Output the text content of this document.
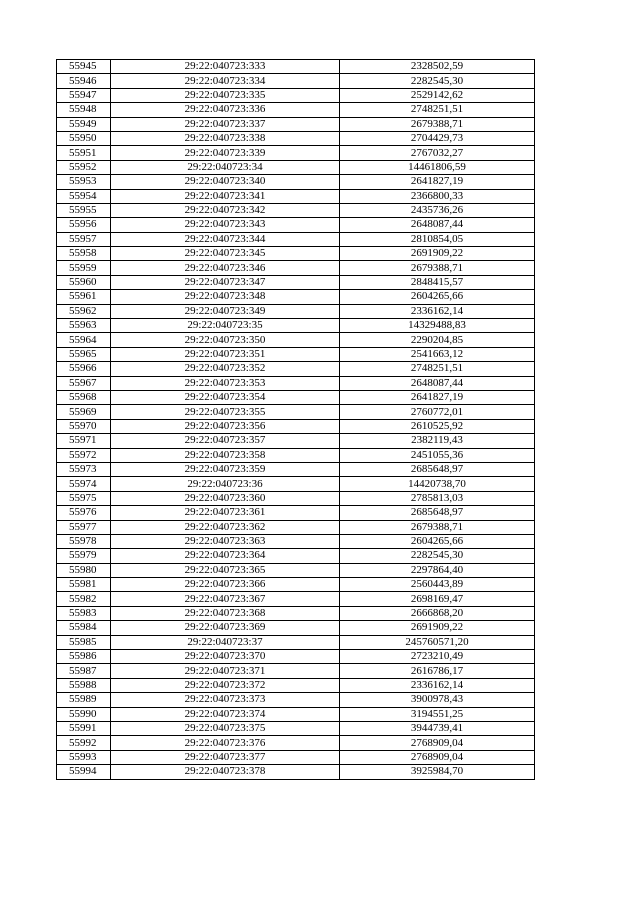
55945	29:22:040723:333	2328502,59
55946	29:22:040723:334	2282545,30
55947	29:22:040723:335	2529142,62
55948	29:22:040723:336	2748251,51
55949	29:22:040723:337	2679388,71
55950	29:22:040723:338	2704429,73
55951	29:22:040723:339	2767032,27
55952	29:22:040723:34	14461806,59
55953	29:22:040723:340	2641827,19
55954	29:22:040723:341	2366800,33
55955	29:22:040723:342	2435736,26
55956	29:22:040723:343	2648087,44
55957	29:22:040723:344	2810854,05
55958	29:22:040723:345	2691909,22
55959	29:22:040723:346	2679388,71
55960	29:22:040723:347	2848415,57
55961	29:22:040723:348	2604265,66
55962	29:22:040723:349	2336162,14
55963	29:22:040723:35	14329488,83
55964	29:22:040723:350	2290204,85
55965	29:22:040723:351	2541663,12
55966	29:22:040723:352	2748251,51
55967	29:22:040723:353	2648087,44
55968	29:22:040723:354	2641827,19
55969	29:22:040723:355	2760772,01
55970	29:22:040723:356	2610525,92
55971	29:22:040723:357	2382119,43
55972	29:22:040723:358	2451055,36
55973	29:22:040723:359	2685648,97
55974	29:22:040723:36	14420738,70
55975	29:22:040723:360	2785813,03
55976	29:22:040723:361	2685648,97
55977	29:22:040723:362	2679388,71
55978	29:22:040723:363	2604265,66
55979	29:22:040723:364	2282545,30
55980	29:22:040723:365	2297864,40
55981	29:22:040723:366	2560443,89
55982	29:22:040723:367	2698169,47
55983	29:22:040723:368	2666868,20
55984	29:22:040723:369	2691909,22
55985	29:22:040723:37	245760571,20
55986	29:22:040723:370	2723210,49
55987	29:22:040723:371	2616786,17
55988	29:22:040723:372	2336162,14
55989	29:22:040723:373	3900978,43
55990	29:22:040723:374	3194551,25
55991	29:22:040723:375	3944739,41
55992	29:22:040723:376	2768909,04
55993	29:22:040723:377	2768909,04
55994	29:22:040723:378	3925984,70
